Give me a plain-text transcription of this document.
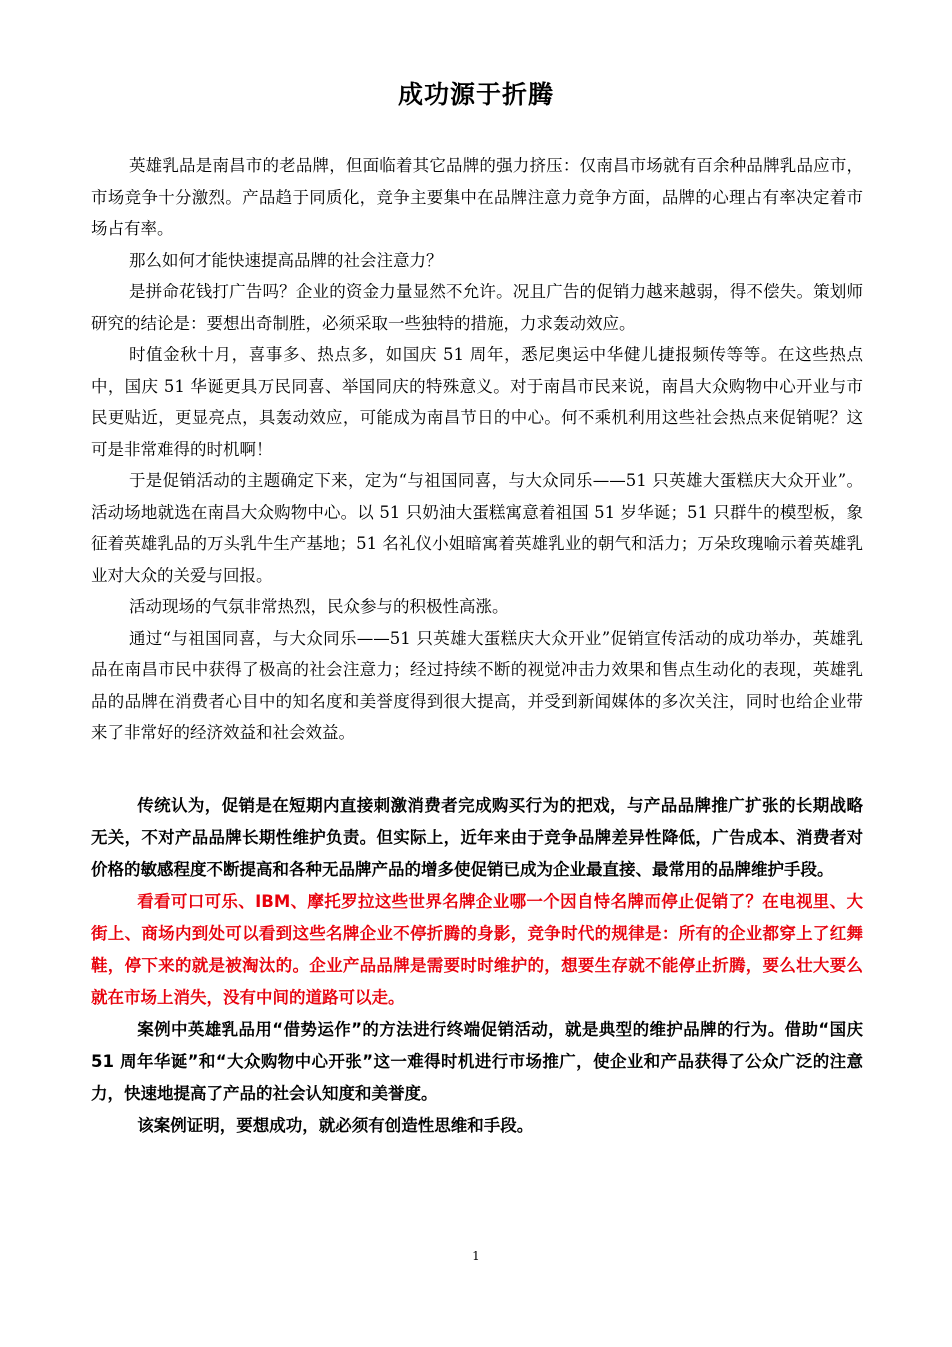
成功源于折腾

英雄乳品是南昌市的老品牌，但面临着其它品牌的强力挤压：仅南昌市场就有百余种品牌乳品应市，市场竞争十分激烈。产品趋于同质化，竞争主要集中在品牌注意力竞争方面，品牌的心理占有率决定着市场占有率。

那么如何才能快速提高品牌的社会注意力？

是拼命花钱打广告吗？企业的资金力量显然不允许。况且广告的促销力越来越弱，得不偿失。策划师研究的结论是：要想出奇制胜，必须采取一些独特的措施，力求轰动效应。

时值金秋十月，喜事多、热点多，如国庆 51 周年，悉尼奥运中华健儿捷报频传等等。在这些热点中，国庆 51 华诞更具万民同喜、举国同庆的特殊意义。对于南昌市民来说，南昌大众购物中心开业与市民更贴近，更显亮点，具轰动效应，可能成为南昌节日的中心。何不乘机利用这些社会热点来促销呢？这可是非常难得的时机啊！

于是促销活动的主题确定下来，定为“与祖国同喜，与大众同乐——51 只英雄大蛋糕庆大众开业”。活动场地就选在南昌大众购物中心。以 51 只奶油大蛋糕寓意着祖国 51 岁华诞；51 只群牛的模型板，象征着英雄乳品的万头乳牛生产基地；51 名礼仪小姐暗寓着英雄乳业的朝气和活力；万朵玫瑰喻示着英雄乳业对大众的关爱与回报。

活动现场的气氛非常热烈，民众参与的积极性高涨。

通过“与祖国同喜，与大众同乐——51 只英雄大蛋糕庆大众开业”促销宣传活动的成功举办，英雄乳品在南昌市民中获得了极高的社会注意力；经过持续不断的视觉冲击力效果和售点生动化的表现，英雄乳品的品牌在消费者心目中的知名度和美誉度得到很大提高，并受到新闻媒体的多次关注，同时也给企业带来了非常好的经济效益和社会效益。

传统认为，促销是在短期内直接刺激消费者完成购买行为的把戏，与产品品牌推广扩张的长期战略无关，不对产品品牌长期性维护负责。但实际上，近年来由于竞争品牌差异性降低，广告成本、消费者对价格的敏感程度不断提高和各种无品牌产品的增多使促销已成为企业最直接、最常用的品牌维护手段。

看看可口可乐、IBM、摩托罗拉这些世界名牌企业哪一个因自恃名牌而停止促销了？在电视里、大街上、商场内到处可以看到这些名牌企业不停折腾的身影，竞争时代的规律是：所有的企业都穿上了红舞鞋，停下来的就是被淘汰的。企业产品品牌是需要时时维护的，想要生存就不能停止折腾，要么壮大要么就在市场上消失，没有中间的道路可以走。

案例中英雄乳品用“借势运作”的方法进行终端促销活动，就是典型的维护品牌的行为。借助“国庆 51 周年华诞”和“大众购物中心开张”这一难得时机进行市场推广，使企业和产品获得了公众广泛的注意力，快速地提高了产品的社会认知度和美誉度。

该案例证明，要想成功，就必须有创造性思维和手段。

1
